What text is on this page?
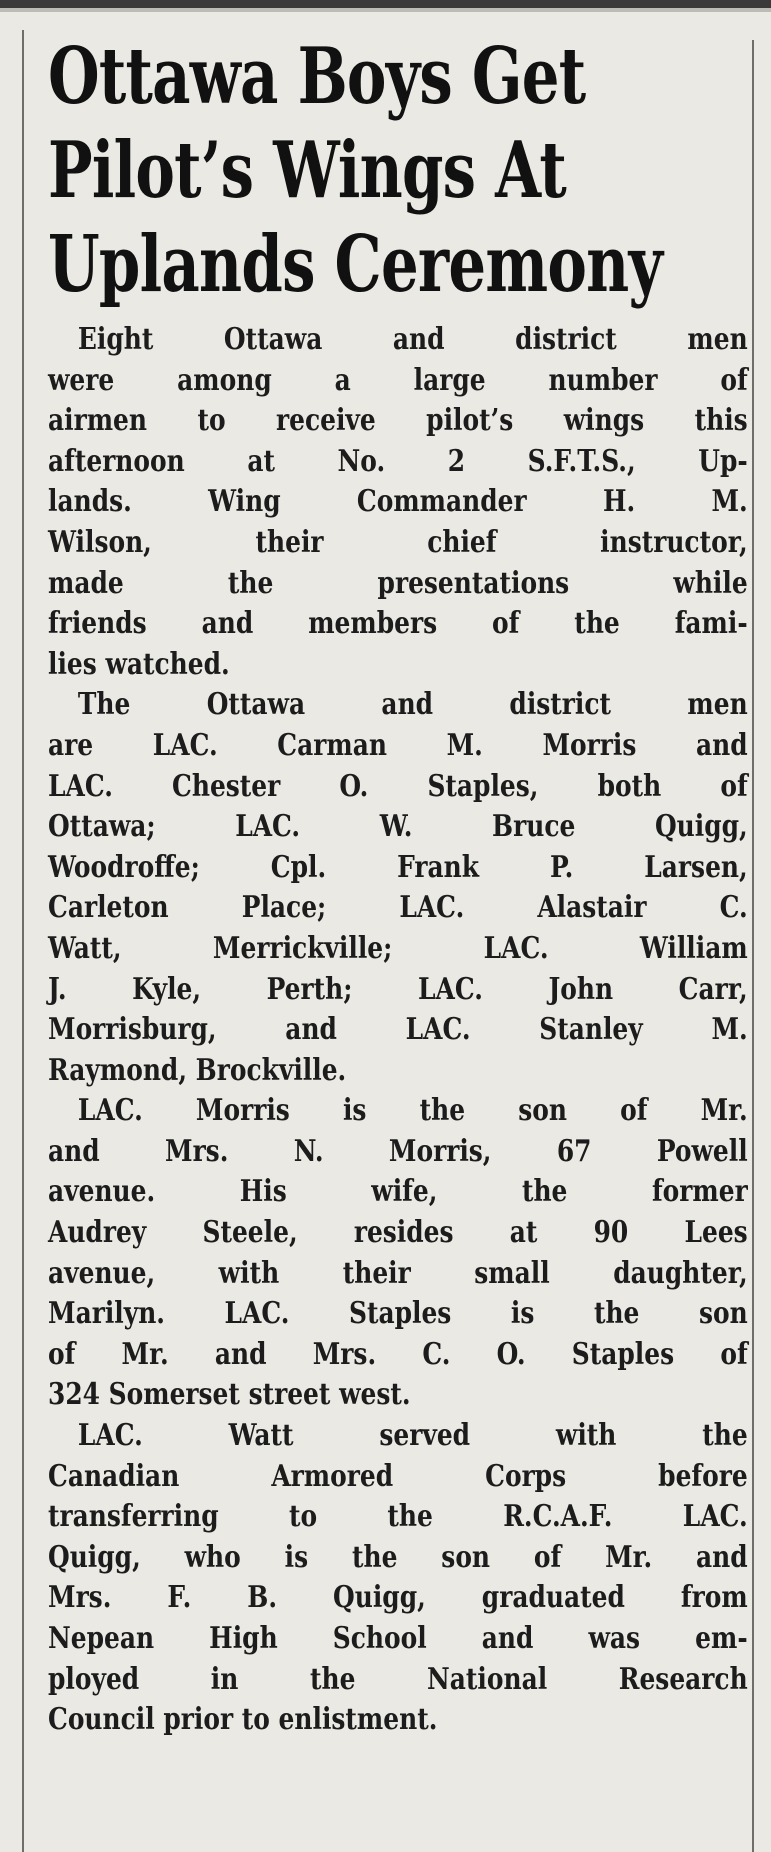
Ottawa Boys Get
Pilot’s Wings At
Uplands Ceremony
Eight Ottawa and district men
were among a large number of
airmen to receive pilot’s wings this
afternoon at No. 2 S.F.T.S., Up-
lands. Wing Commander H. M.
Wilson, their chief instructor,
made the presentations while
friends and members of the fami-
lies watched.
The Ottawa and district men
are LAC. Carman M. Morris and
LAC. Chester O. Staples, both of
Ottawa; LAC. W. Bruce Quigg,
Woodroffe; Cpl. Frank P. Larsen,
Carleton Place; LAC. Alastair C.
Watt, Merrickville; LAC. William
J. Kyle, Perth; LAC. John Carr,
Morrisburg, and LAC. Stanley M.
Raymond, Brockville.
LAC. Morris is the son of Mr.
and Mrs. N. Morris, 67 Powell
avenue. His wife, the former
Audrey Steele, resides at 90 Lees
avenue, with their small daughter,
Marilyn. LAC. Staples is the son
of Mr. and Mrs. C. O. Staples of
324 Somerset street west.
LAC. Watt served with the
Canadian Armored Corps before
transferring to the R.C.A.F. LAC.
Quigg, who is the son of Mr. and
Mrs. F. B. Quigg, graduated from
Nepean High School and was em-
ployed in the National Research
Council prior to enlistment.
